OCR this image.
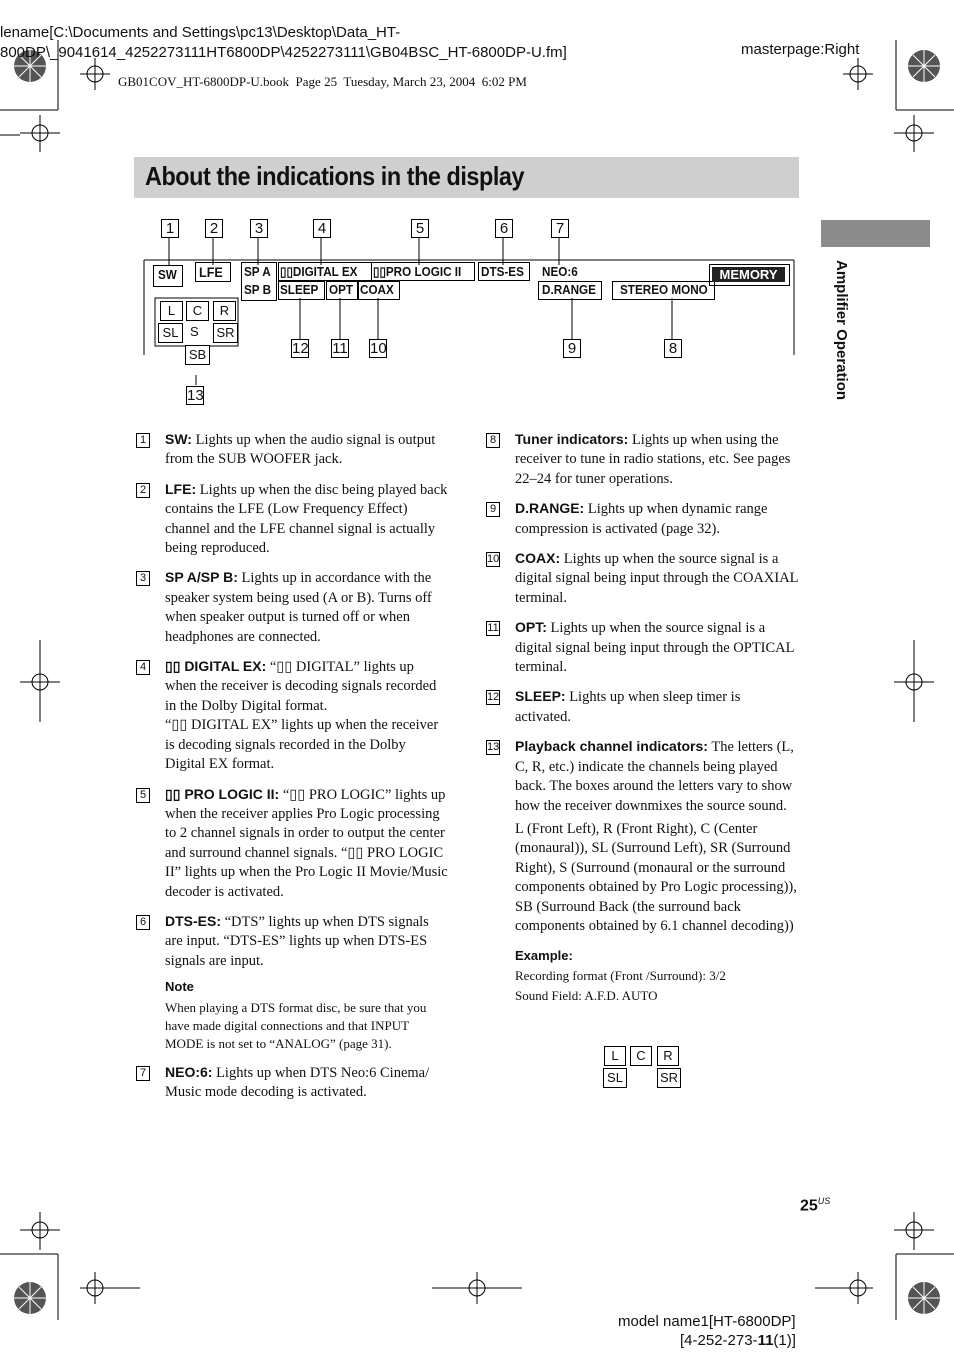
lename[C:\Documents and Settings\pc13\Desktop\Data_HT-
800DP\_9041614_4252273111HT6800DP\4252273111\GB04BSC_HT-6800DP-U.fm]	masterpage:Right
GB01COV_HT-6800DP-U.book  Page 25  Tuesday, March 23, 2004  6:02 PM
About the indications in the display
Amplifier Operation
1	2	3	4	5	6	7
SW LFE SP A
SP B
▯▯DIGITAL EX ▯▯PRO LOGIC II
SLEEP OPT COAX
DTS-ES NEO:6
D.RANGE STEREO MONO
MEMORY
L	C	R
SL S SR
SB	12 11 10	9	8
13
1 SW: Lights up when the audio signal is output from the SUB WOOFER jack.
2 LFE: Lights up when the disc being played back contains the LFE (Low Frequency Effect) channel and the LFE channel signal is actually being reproduced.
3 SP A/SP B: Lights up in accordance with the speaker system being used (A or B). Turns off when speaker output is turned off or when headphones are connected.
4 ▯▯ DIGITAL EX: “▯▯ DIGITAL” lights up when the receiver is decoding signals recorded in the Dolby Digital format.
“▯▯ DIGITAL EX” lights up when the receiver is decoding signals recorded in the Dolby Digital EX format.
5 ▯▯ PRO LOGIC II: “▯▯ PRO LOGIC” lights up when the receiver applies Pro Logic processing to 2 channel signals in order to output the center and surround channel signals. “▯▯ PRO LOGIC II” lights up when the Pro Logic II Movie/Music decoder is activated.
6 DTS-ES: “DTS” lights up when DTS signals are input. “DTS-ES” lights up when DTS-ES signals are input.
Note
When playing a DTS format disc, be sure that you have made digital connections and that INPUT MODE is not set to “ANALOG” (page 31).
7 NEO:6: Lights up when DTS Neo:6 Cinema/ Music mode decoding is activated.
8 Tuner indicators: Lights up when using the receiver to tune in radio stations, etc. See pages 22–24 for tuner operations.
9 D.RANGE: Lights up when dynamic range compression is activated (page 32).
10 COAX: Lights up when the source signal is a digital signal being input through the COAXIAL terminal.
11 OPT: Lights up when the source signal is a digital signal being input through the OPTICAL terminal.
12 SLEEP: Lights up when sleep timer is activated.
13 Playback channel indicators: The letters (L, C, R, etc.) indicate the channels being played back. The boxes around the letters vary to show how the receiver downmixes the source sound.
L (Front Left), R (Front Right), C (Center (monaural)), SL (Surround Left), SR (Surround Right), S (Surround (monaural or the surround components obtained by Pro Logic processing)), SB (Surround Back (the surround back components obtained by 6.1 channel decoding))
Example:
Recording format (Front /Surround): 3/2
Sound Field: A.F.D. AUTO
L	C	R
SL	SR
$25^{US}$
model name1[HT-6800DP]
[4-252-273-11(1)]
